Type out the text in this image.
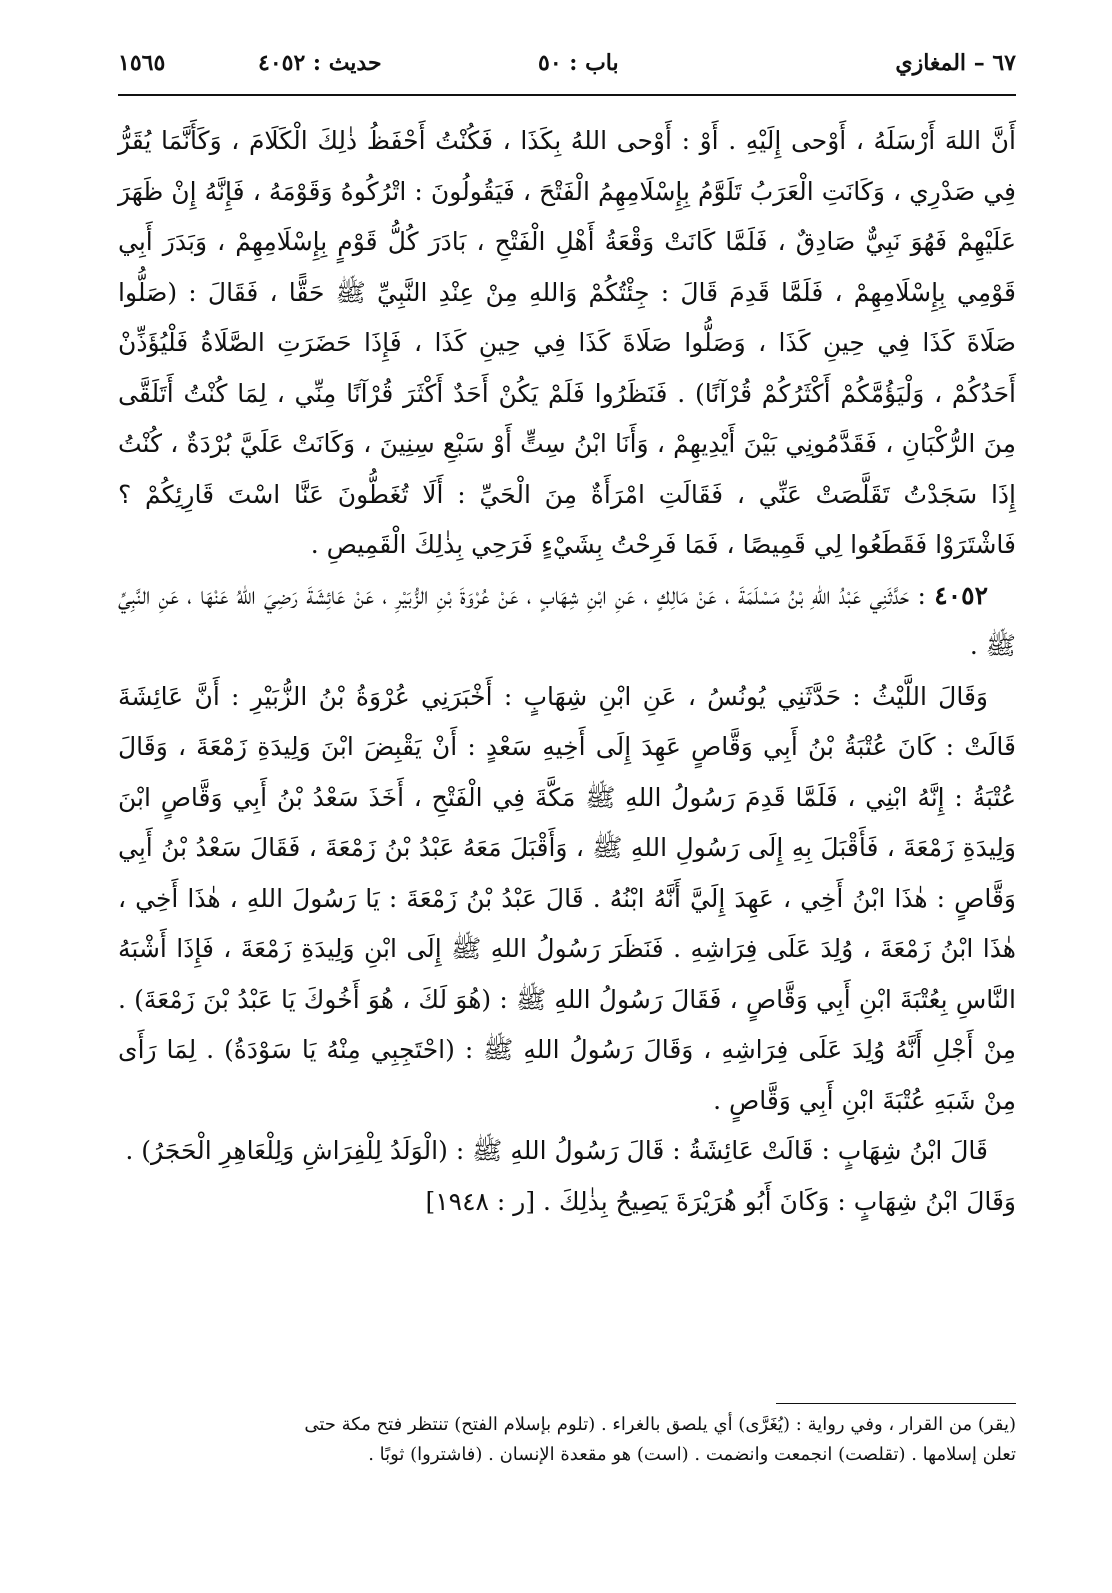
٦٧ – المغازي
باب : ٥٠
حديث : ٤٠٥٢
١٥٦٥

أَنَّ اللهَ أَرْسَلَهُ ، أَوْحى إِلَيْهِ . أَوْ : أَوْحى اللهُ بِكَذَا ، فَكُنْتُ أَحْفَظُ ذٰلِكَ الْكَلَامَ ، وَكَأَنَّمَا يُقَرُّ فِي صَدْرِي ، وَكَانَتِ الْعَرَبُ تَلَوَّمُ بِإِسْلَامِهِمُ الْفَتْحَ ، فَيَقُولُونَ : اتْرُكُوهُ وَقَوْمَهُ ، فَإِنَّهُ إِنْ ظَهَرَ عَلَيْهِمْ فَهُوَ نَبِيٌّ صَادِقٌ ، فَلَمَّا كَانَتْ وَقْعَةُ أَهْلِ الْفَتْحِ ، بَادَرَ كُلُّ قَوْمٍ بِإِسْلَامِهِمْ ، وَبَدَرَ أَبِي قَوْمِي بِإِسْلَامِهِمْ ، فَلَمَّا قَدِمَ قَالَ : جِئْتُكُمْ وَاللهِ مِنْ عِنْدِ النَّبِيِّ ﷺ حَقًّا ، فَقَالَ : (صَلُّوا صَلَاةَ كَذَا فِي حِينِ كَذَا ، وَصَلُّوا صَلَاةَ كَذَا فِي حِينِ كَذَا ، فَإِذَا حَضَرَتِ الصَّلَاةُ فَلْيُؤَذِّنْ أَحَدُكُمْ ، وَلْيَؤُمَّكُمْ أَكْثَرُكُمْ قُرْآنًا) . فَنَظَرُوا فَلَمْ يَكُنْ أَحَدٌ أَكْثَرَ قُرْآنًا مِنِّي ، لِمَا كُنْتُ أَتَلَقَّى مِنَ الرُّكْبَانِ ، فَقَدَّمُونِي بَيْنَ أَيْدِيهِمْ ، وَأَنَا ابْنُ سِتٍّ أَوْ سَبْعِ سِنِينَ ، وَكَانَتْ عَلَيَّ بُرْدَةٌ ، كُنْتُ إِذَا سَجَدْتُ تَقَلَّصَتْ عَنِّي ، فَقَالَتِ امْرَأَةٌ مِنَ الْحَيِّ : أَلَا تُغَطُّونَ عَنَّا اسْتَ قَارِئِكُمْ ؟ فَاشْتَرَوْا فَقَطَعُوا لِي قَمِيصًا ، فَمَا فَرِحْتُ بِشَيْءٍ فَرَحِي بِذٰلِكَ الْقَمِيصِ .

٤٠٥٢ : حَدَّثَنِي عَبْدُ اللهِ بْنُ مَسْلَمَةَ ، عَنْ مَالِكٍ ، عَنِ ابْنِ شِهَابٍ ، عَنْ عُرْوَةَ بْنِ الزُّبَيْرِ ، عَنْ عَائِشَةَ رَضِيَ اللهُ عَنْهَا ، عَنِ النَّبِيِّ ﷺ .

وَقَالَ اللَّيْثُ : حَدَّثَنِي يُونُسُ ، عَنِ ابْنِ شِهَابٍ : أَخْبَرَنِي عُرْوَةُ بْنُ الزُّبَيْرِ : أَنَّ عَائِشَةَ قَالَتْ : كَانَ عُتْبَةُ بْنُ أَبِي وَقَّاصٍ عَهِدَ إِلَى أَخِيهِ سَعْدٍ : أَنْ يَقْبِضَ ابْنَ وَلِيدَةِ زَمْعَةَ ، وَقَالَ عُتْبَةُ : إِنَّهُ ابْنِي ، فَلَمَّا قَدِمَ رَسُولُ اللهِ ﷺ مَكَّةَ فِي الْفَتْحِ ، أَخَذَ سَعْدُ بْنُ أَبِي وَقَّاصٍ ابْنَ وَلِيدَةِ زَمْعَةَ ، فَأَقْبَلَ بِهِ إِلَى رَسُولِ اللهِ ﷺ ، وَأَقْبَلَ مَعَهُ عَبْدُ بْنُ زَمْعَةَ ، فَقَالَ سَعْدُ بْنُ أَبِي وَقَّاصٍ : هٰذَا ابْنُ أَخِي ، عَهِدَ إِلَيَّ أَنَّهُ ابْنُهُ . قَالَ عَبْدُ بْنُ زَمْعَةَ : يَا رَسُولَ اللهِ ، هٰذَا أَخِي ، هٰذَا ابْنُ زَمْعَةَ ، وُلِدَ عَلَى فِرَاشِهِ . فَنَظَرَ رَسُولُ اللهِ ﷺ إِلَى ابْنِ وَلِيدَةِ زَمْعَةَ ، فَإِذَا أَشْبَهُ النَّاسِ بِعُتْبَةَ ابْنِ أَبِي وَقَّاصٍ ، فَقَالَ رَسُولُ اللهِ ﷺ : (هُوَ لَكَ ، هُوَ أَخُوكَ يَا عَبْدُ بْنَ زَمْعَةَ) . مِنْ أَجْلِ أَنَّهُ وُلِدَ عَلَى فِرَاشِهِ ، وَقَالَ رَسُولُ اللهِ ﷺ : (احْتَجِبِي مِنْهُ يَا سَوْدَةُ) . لِمَا رَأَى مِنْ شَبَهِ عُتْبَةَ ابْنِ أَبِي وَقَّاصٍ .

قَالَ ابْنُ شِهَابٍ : قَالَتْ عَائِشَةُ : قَالَ رَسُولُ اللهِ ﷺ : (الْوَلَدُ لِلْفِرَاشِ وَلِلْعَاهِرِ الْحَجَرُ) .

وَقَالَ ابْنُ شِهَابٍ : وَكَانَ أَبُو هُرَيْرَةَ يَصِيحُ بِذٰلِكَ . [ر : ١٩٤٨]

(يقر) من القرار ، وفي رواية : (يُغَرَّى) أي يلصق بالغراء . (تلوم بإسلام الفتح) تنتظر فتح مكة حتى

تعلن إسلامها . (تقلصت) انجمعت وانضمت . (است) هو مقعدة الإنسان . (فاشتروا) ثوبًا .
